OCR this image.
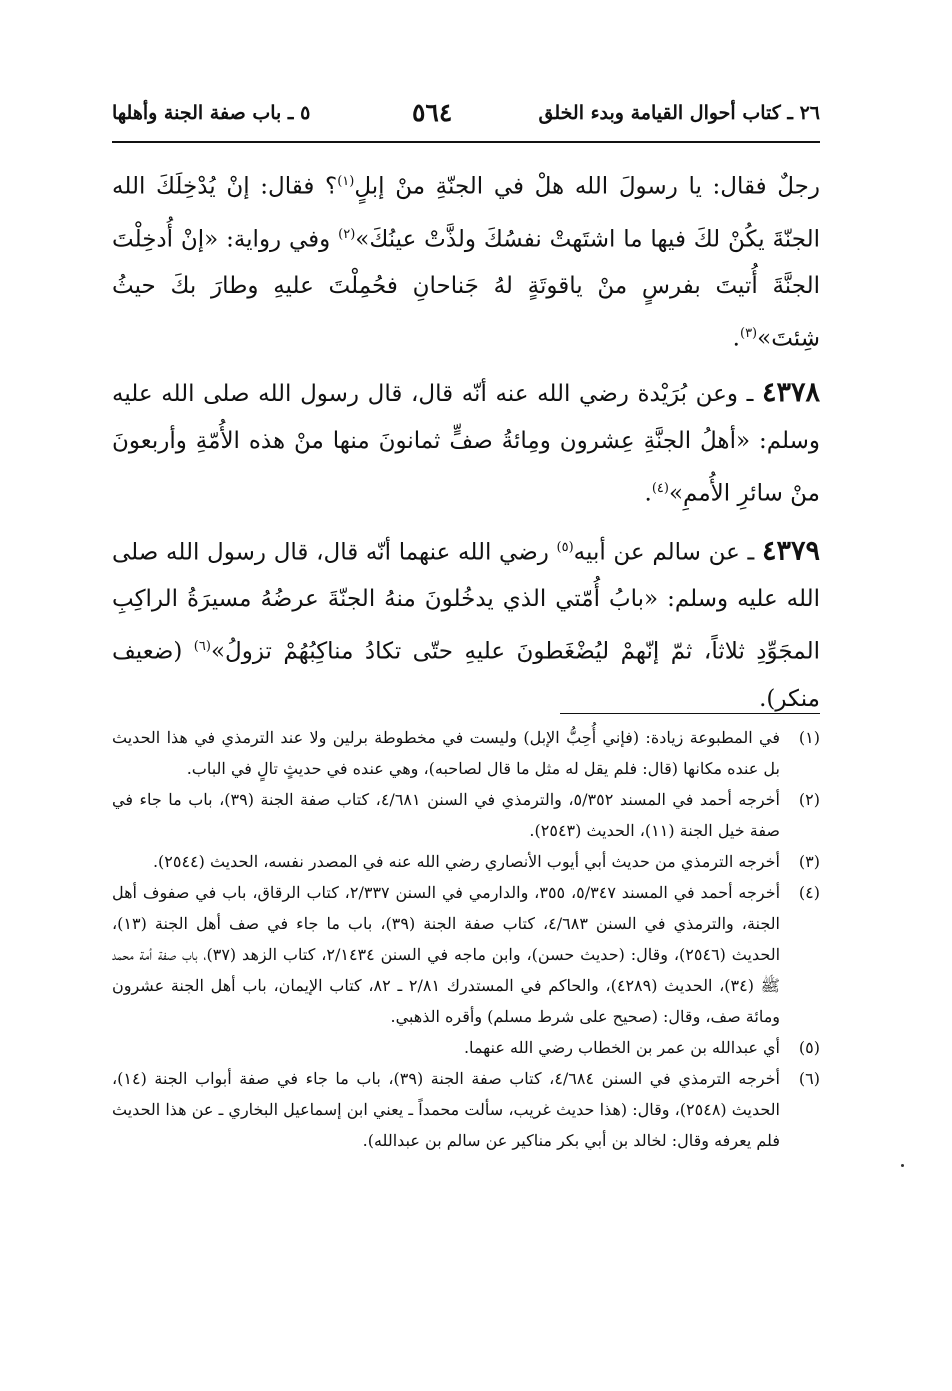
٢٦ ـ كتاب أحوال القيامة وبدء الخلق
٥٦٤
٥ ـ باب صفة الجنة وأهلها

رجلٌ فقال: يا رسولَ الله هلْ في الجنّةِ منْ إبلٍ$^{(١)}$؟ فقال: إنْ يُدْخِلَكَ الله الجنّةَ يكُنْ لكَ فيها ما اشتَهتْ نفسُكَ ولذَّتْ عينُكَ»$^{(٢)}$ وفي رواية: «إنْ أُدخِلْتَ الجنَّةَ أُتيتَ بفرسٍ منْ ياقوتَةٍ لهُ جَناحانِ فحُمِلْتَ عليهِ وطارَ بكَ حيثُ شِئتَ»$^{(٣)}$.

٤٣٧٨ ـ وعن بُرَيْدة رضي الله عنه أنّه قال، قال رسول الله صلى الله عليه وسلم: «أهلُ الجنَّةِ عِشرون ومِائةُ صفٍّ ثمانونَ منها منْ هذه الأُمّةِ وأربعونَ منْ سائرِ الأُممِ»$^{(٤)}$.

٤٣٧٩ ـ عن سالم عن أبيه$^{(٥)}$ رضي الله عنهما أنّه قال، قال رسول الله صلى الله عليه وسلم: «بابُ أُمّتي الذي يدخُلونَ منهُ الجنّةَ عرضُهُ مسيرَةُ الراكِبِ المجَوِّدِ ثلاثاً، ثمّ إنّهمْ ليُضْغَطونَ عليهِ حتّى تكادُ مناكِبُهُمْ تزولُ»$^{(٦)}$ (ضعيف منكر).

(١)
في المطبوعة زيادة: (فإني أُحِبُّ الإبل) وليست في مخطوطة برلين ولا عند الترمذي في هذا الحديث بل عنده مكانها (قال: فلم يقل له مثل ما قال لصاحبه)، وهي عنده في حديثٍ تالٍ في الباب.
(٢)
أخرجه أحمد في المسند ٥/٣٥٢، والترمذي في السنن ٤/٦٨١، كتاب صفة الجنة (٣٩)، باب ما جاء في صفة خيل الجنة (١١)، الحديث (٢٥٤٣).
(٣)
أخرجه الترمذي من حديث أبي أيوب الأنصاري رضي الله عنه في المصدر نفسه، الحديث (٢٥٤٤).
(٤)
أخرجه أحمد في المسند ٥/٣٤٧، ٣٥٥، والدارمي في السنن ٢/٣٣٧، كتاب الرقاق، باب في صفوف أهل الجنة، والترمذي في السنن ٤/٦٨٣، كتاب صفة الجنة (٣٩)، باب ما جاء في صف أهل الجنة (١٣)، الحديث (٢٥٤٦)، وقال: (حديث حسن)، وابن ماجه في السنن ٢/١٤٣٤، كتاب الزهد (٣٧)، باب صفة أمة محمد ﷺ (٣٤)، الحديث (٤٢٨٩)، والحاكم في المستدرك ٢/٨١ ـ ٨٢، كتاب الإيمان، باب أهل الجنة عشرون ومائة صف، وقال: (صحيح على شرط مسلم) وأقره الذهبي.
(٥)
أي عبدالله بن عمر بن الخطاب رضي الله عنهما.
(٦)
أخرجه الترمذي في السنن ٤/٦٨٤، كتاب صفة الجنة (٣٩)، باب ما جاء في صفة أبواب الجنة (١٤)، الحديث (٢٥٤٨)، وقال: (هذا حديث غريب، سألت محمداً ـ يعني ابن إسماعيل البخاري ـ عن هذا الحديث فلم يعرفه وقال: لخالد بن أبي بكر مناكير عن سالم بن عبدالله).
